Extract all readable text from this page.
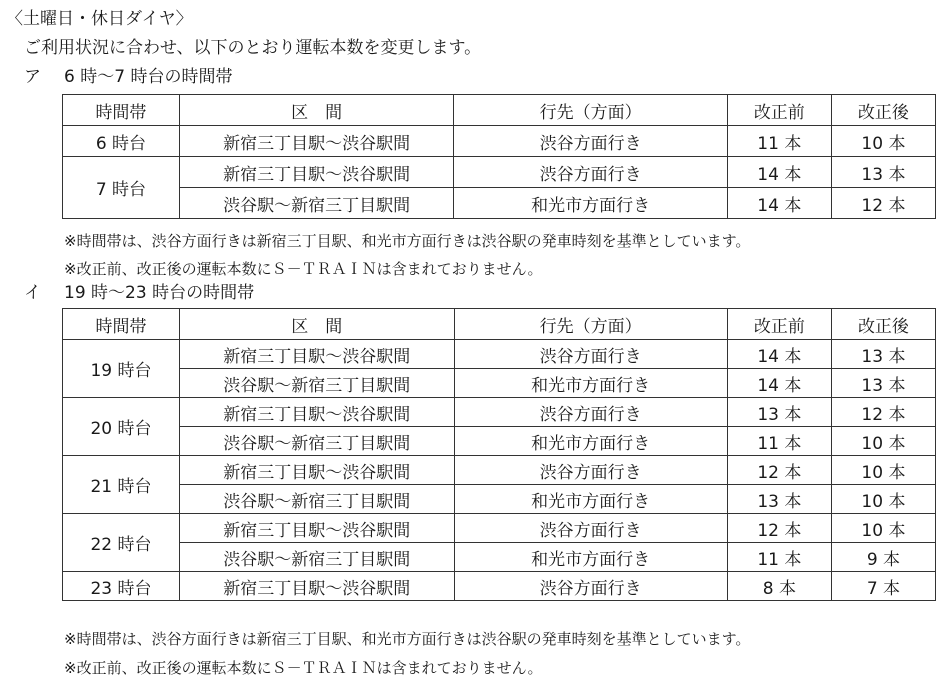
〈土曜日・休日ダイヤ〉
ご利用状況に合わせ、以下のとおり運転本数を変更します。
ア 6 時～7 時台の時間帯
時間帯	区　間	行先（方面）	改正前	改正後
6 時台	新宿三丁目駅～渋谷駅間	渋谷方面行き	11 本	10 本
7 時台	新宿三丁目駅～渋谷駅間	渋谷方面行き	14 本	13 本
	渋谷駅～新宿三丁目駅間	和光市方面行き	14 本	12 本
※時間帯は、渋谷方面行きは新宿三丁目駅、和光市方面行きは渋谷駅の発車時刻を基準としています。
※改正前、改正後の運転本数にＳ－ＴＲＡＩＮは含まれておりません。
イ 19 時～23 時台の時間帯
時間帯	区　間	行先（方面）	改正前	改正後
19 時台	新宿三丁目駅～渋谷駅間	渋谷方面行き	14 本	13 本
	渋谷駅～新宿三丁目駅間	和光市方面行き	14 本	13 本
20 時台	新宿三丁目駅～渋谷駅間	渋谷方面行き	13 本	12 本
	渋谷駅～新宿三丁目駅間	和光市方面行き	11 本	10 本
21 時台	新宿三丁目駅～渋谷駅間	渋谷方面行き	12 本	10 本
	渋谷駅～新宿三丁目駅間	和光市方面行き	13 本	10 本
22 時台	新宿三丁目駅～渋谷駅間	渋谷方面行き	12 本	10 本
	渋谷駅～新宿三丁目駅間	和光市方面行き	11 本	9 本
23 時台	新宿三丁目駅～渋谷駅間	渋谷方面行き	8 本	7 本
※時間帯は、渋谷方面行きは新宿三丁目駅、和光市方面行きは渋谷駅の発車時刻を基準としています。
※改正前、改正後の運転本数にＳ－ＴＲＡＩＮは含まれておりません。
